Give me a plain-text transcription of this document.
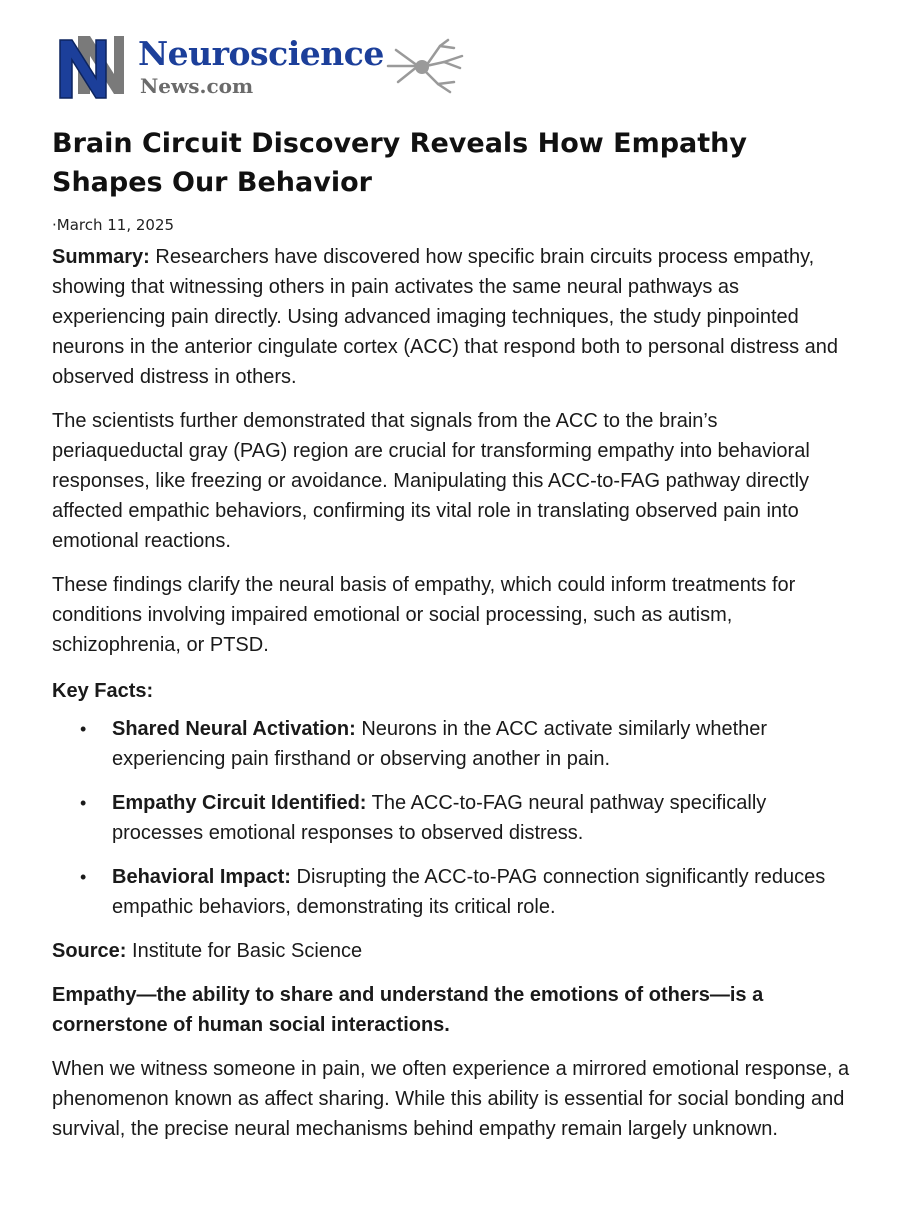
Neuroscience
News.com
Brain Circuit Discovery Reveals How Empathy Shapes Our Behavior
·March 11, 2025

Summary: Researchers have discovered how specific brain circuits process empathy, showing that witnessing others in pain activates the same neural pathways as experiencing pain directly. Using advanced imaging techniques, the study pinpointed neurons in the anterior cingulate cortex (ACC) that respond both to personal distress and observed distress in others.

The scientists further demonstrated that signals from the ACC to the brain’s periaqueductal gray (PAG) region are crucial for transforming empathy into behavioral responses, like freezing or avoidance. Manipulating this ACC-to-FAG pathway directly affected empathic behaviors, confirming its vital role in translating observed pain into emotional reactions.

These findings clarify the neural basis of empathy, which could inform treatments for conditions involving impaired emotional or social processing, such as autism, schizophrenia, or PTSD.

Key Facts:

• Shared Neural Activation: Neurons in the ACC activate similarly whether experiencing pain firsthand or observing another in pain.
• Empathy Circuit Identified: The ACC-to-FAG neural pathway specifically processes emotional responses to observed distress.
• Behavioral Impact: Disrupting the ACC-to-PAG connection significantly reduces empathic behaviors, demonstrating its critical role.

Source: Institute for Basic Science

Empathy—the ability to share and understand the emotions of others—is a cornerstone of human social interactions.

When we witness someone in pain, we often experience a mirrored emotional response, a phenomenon known as affect sharing. While this ability is essential for social bonding and survival, the precise neural mechanisms behind empathy remain largely unknown.
